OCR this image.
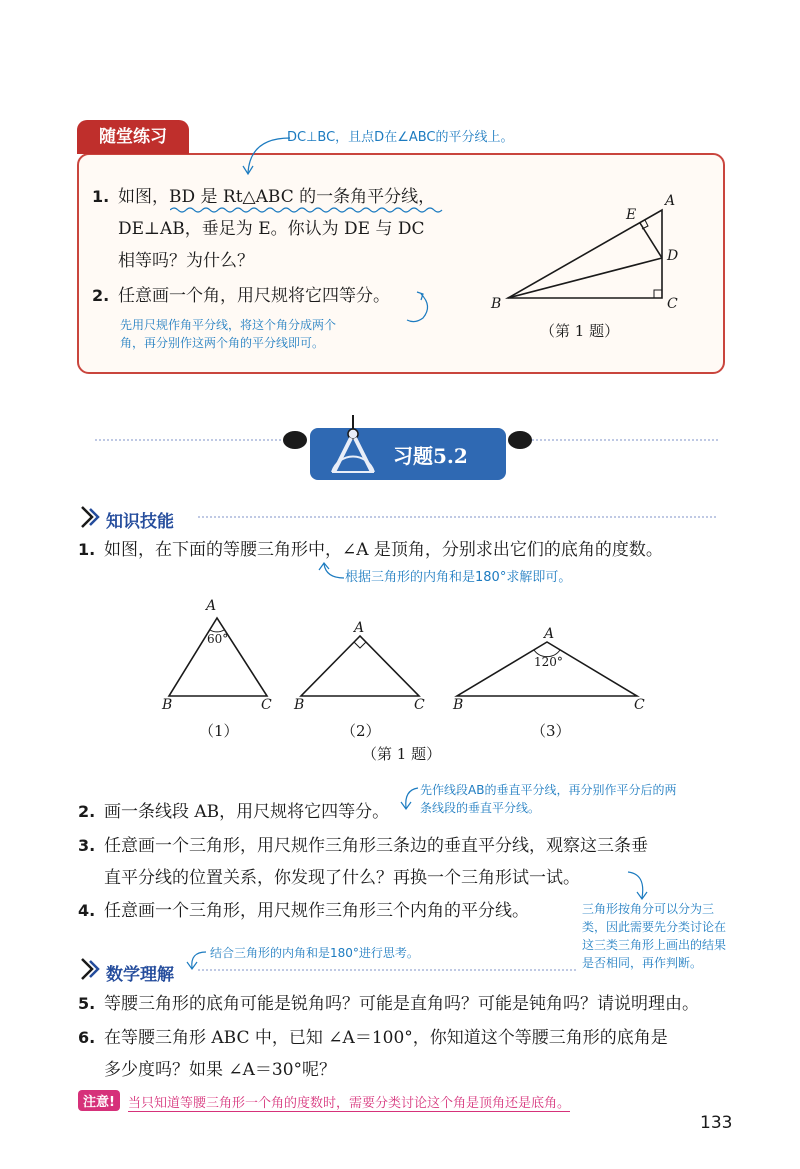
随堂练习	DC⊥BC，且点D在∠ABC的平分线上。
1. 如图，BD 是 Rt△ABC 的一条角平分线，
DE⊥AB，垂足为 E。你认为 DE 与 DC
相等吗？为什么？
2. 任意画一个角，用尺规将它四等分。
先用尺规作角平分线，将这个角分成两个
角，再分别作这两个角的平分线即可。
A
E
D
B	C
（第 1 题）
习题5.2
知识技能
1. 如图，在下面的等腰三角形中，∠A 是顶角，分别求出它们的底角的度数。
根据三角形的内角和是180°求解即可。
A
60°
B	C
A
B	C
A
120°
B	C
（1）	（2）	（3）
（第 1 题）
2. 画一条线段 AB，用尺规将它四等分。
先作线段AB的垂直平分线，再分别作平分后的两
条线段的垂直平分线。
3. 任意画一个三角形，用尺规作三角形三条边的垂直平分线，观察这三条垂
直平分线的位置关系，你发现了什么？再换一个三角形试一试。
4. 任意画一个三角形，用尺规作三角形三个内角的平分线。	三角形按角分可以分为三
类，因此需要先分类讨论在
这三类三角形上画出的结果
是否相同，再作判断。
数学理解
结合三角形的内角和是180°进行思考。
5. 等腰三角形的底角可能是锐角吗？可能是直角吗？可能是钝角吗？请说明理由。
6. 在等腰三角形 ABC 中，已知 ∠A＝100°，你知道这个等腰三角形的底角是
多少度吗？如果 ∠A＝30°呢？
注意!	当只知道等腰三角形一个角的度数时，需要分类讨论这个角是顶角还是底角。
133
